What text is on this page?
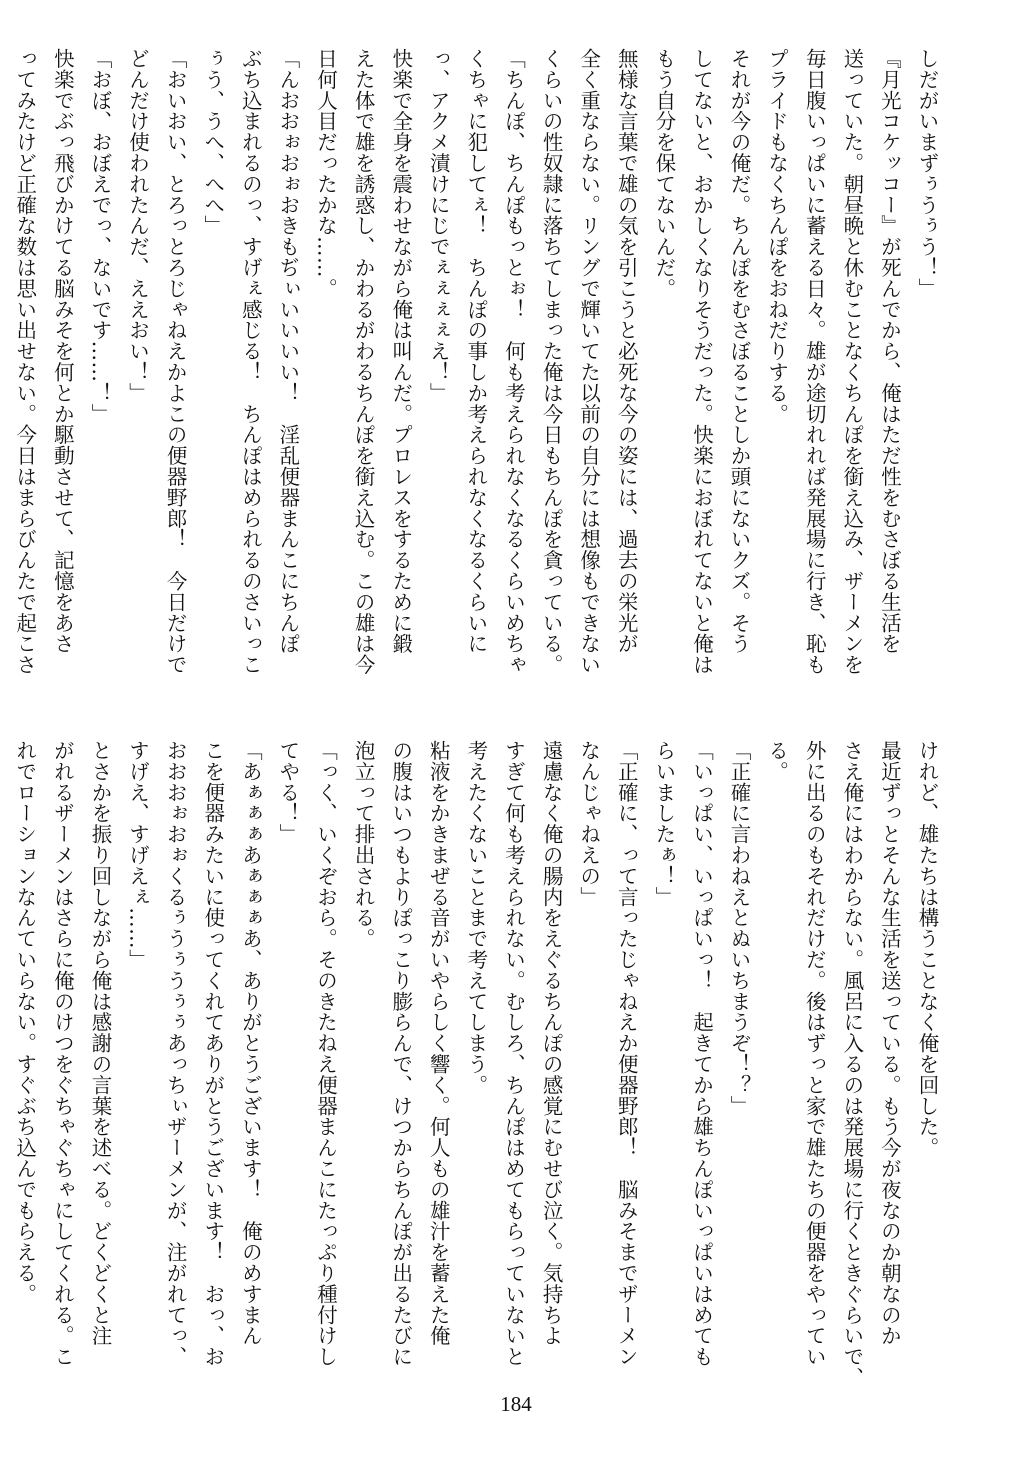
しだがいまずぅうぅう！」

『月光コケッコー』が死んでから、俺はただ性をむさぼる生活を

送っていた。朝昼晩と休むことなくちんぽを銜え込み、ザーメンを

毎日腹いっぱいに蓄える日々。雄が途切れれば発展場に行き、恥も

プライドもなくちんぽをおねだりする。

それが今の俺だ。ちんぽをむさぼることしか頭にないクズ。そう

してないと、おかしくなりそうだった。快楽におぼれてないと俺は

もう自分を保てないんだ。

無様な言葉で雄の気を引こうと必死な今の姿には、過去の栄光が

全く重ならない。リングで輝いてた以前の自分には想像もできない

くらいの性奴隷に落ちてしまった俺は今日もちんぽを貪っている。

「ちんぽ、ちんぽもっとぉ！　何も考えられなくなるくらいめちゃ

くちゃに犯してぇ！　ちんぽの事しか考えられなくなるくらいに

っ、アクメ漬けにじでぇぇぇぇえ！」

快楽で全身を震わせながら俺は叫んだ。プロレスをするために鍛

えた体で雄を誘惑し、かわるがわるちんぽを銜え込む。この雄は今

日何人目だったかな……。

「んおおぉおぉおきもぢぃいいいい！　淫乱便器まんこにちんぽ

ぶち込まれるのっ、すげぇ感じる！　ちんぽはめられるのさいっこ

ぅう、うへ、へへ」

「おいおい、とろっとろじゃねえかよこの便器野郎！　今日だけで

どんだけ使われたんだ、ええおい！」

「おぼ、おぼえでっ、ないです……！」

快楽でぶっ飛びかけてる脳みそを何とか駆動させて、記憶をあさ

ってみたけど正確な数は思い出せない。今日はまらびんたで起こさ

けれど、雄たちは構うことなく俺を回した。

最近ずっとそんな生活を送っている。もう今が夜なのか朝なのか

さえ俺にはわからない。風呂に入るのは発展場に行くときぐらいで、

外に出るのもそれだけだ。後はずっと家で雄たちの便器をやってい

る。

「正確に言わねえとぬいちまうぞ！？」

「いっぱい、いっぱいっ！　起きてから雄ちんぽいっぱいはめても

らいましたぁ！」

「正確に、って言ったじゃねえか便器野郎！　脳みそまでザーメン

なんじゃねえの」

遠慮なく俺の腸内をえぐるちんぽの感覚にむせび泣く。気持ちよ

すぎて何も考えられない。むしろ、ちんぽはめてもらっていないと

考えたくないことまで考えてしまう。

粘液をかきまぜる音がいやらしく響く。何人もの雄汁を蓄えた俺

の腹はいつもよりぽっこり膨らんで、けつからちんぽが出るたびに

泡立って排出される。

「っく、いくぞおら。そのきたねえ便器まんこにたっぷり種付けし

てやる！」

「あぁぁぁあぁぁぁあ、ありがとうございます！　俺のめすまん

こを便器みたいに使ってくれてありがとうございます！　おっ、お

おおおぉおぉくるぅうぅうぅぅあっちぃザーメンが、注がれてっ、

すげえ、すげえぇ……」

とさかを振り回しながら俺は感謝の言葉を述べる。どくどくと注

がれるザーメンはさらに俺のけつをぐちゃぐちゃにしてくれる。こ

れでローションなんていらない。すぐぶち込んでもらえる。

184
